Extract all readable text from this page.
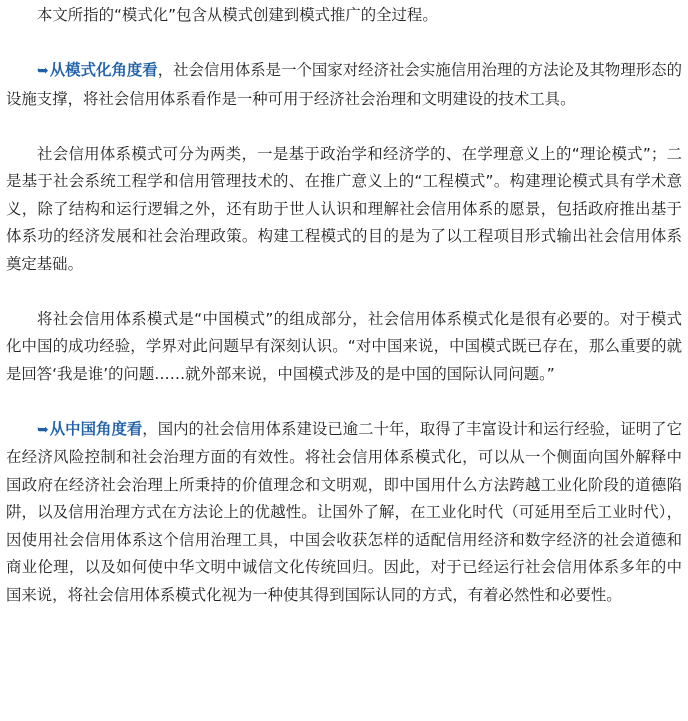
本文所指的“模式化”包含从模式创建到模式推广的全过程。

➥从模式化角度看，社会信用体系是一个国家对经济社会实施信用治理的方法论及其物理形态的设施支撑，将社会信用体系看作是一种可用于经济社会治理和文明建设的技术工具。

社会信用体系模式可分为两类，一是基于政治学和经济学的、在学理意义上的“理论模式”；二是基于社会系统工程学和信用管理技术的、在推广意义上的“工程模式”。构建理论模式具有学术意义，除了结构和运行逻辑之外，还有助于世人认识和理解社会信用体系的愿景，包括政府推出基于体系功的经济发展和社会治理政策。构建工程模式的目的是为了以工程项目形式输出社会信用体系奠定基础。

将社会信用体系模式是“中国模式”的组成部分，社会信用体系模式化是很有必要的。对于模式化中国的成功经验，学界对此问题早有深刻认识。“对中国来说，中国模式既已存在，那么重要的就是回答‘我是谁’的问题……就外部来说，中国模式涉及的是中国的国际认同问题。”

➥从中国角度看，国内的社会信用体系建设已逾二十年，取得了丰富设计和运行经验，证明了它在经济风险控制和社会治理方面的有效性。将社会信用体系模式化，可以从一个侧面向国外解释中国政府在经济社会治理上所秉持的价值理念和文明观，即中国用什么方法跨越工业化阶段的道德陷阱，以及信用治理方式在方法论上的优越性。让国外了解，在工业化时代（可延用至后工业时代），因使用社会信用体系这个信用治理工具，中国会收获怎样的适配信用经济和数字经济的社会道德和商业伦理，以及如何使中华文明中诚信文化传统回归。因此，对于已经运行社会信用体系多年的中国来说，将社会信用体系模式化视为一种使其得到国际认同的方式，有着必然性和必要性。
